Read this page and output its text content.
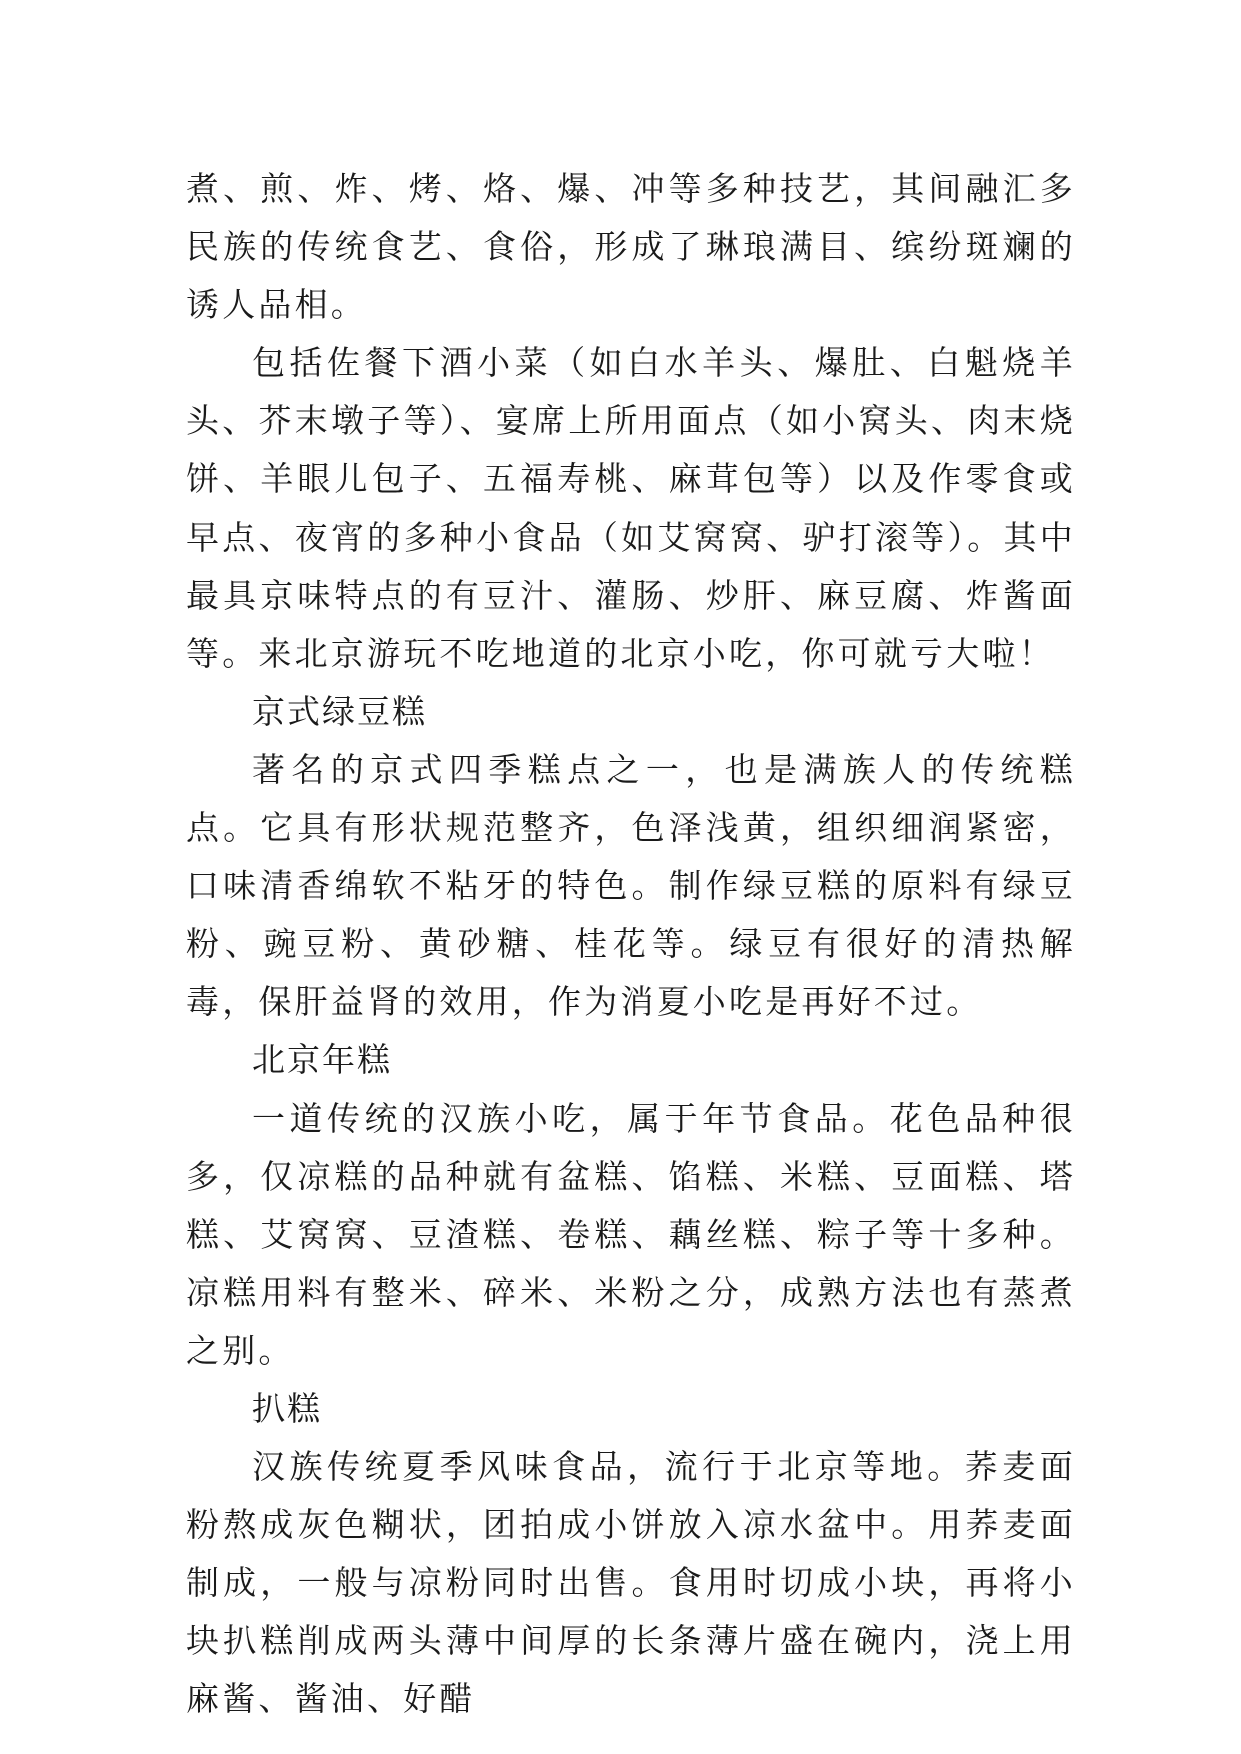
煮、煎、炸、烤、烙、爆、冲等多种技艺，其间融汇多民族的传统食艺、食俗，形成了琳琅满目、缤纷斑斓的诱人品相。

包括佐餐下酒小菜（如白水羊头、爆肚、白魁烧羊头、芥末墩子等）、宴席上所用面点（如小窝头、肉末烧饼、羊眼儿包子、五福寿桃、麻茸包等）以及作零食或早点、夜宵的多种小食品（如艾窝窝、驴打滚等）。其中最具京味特点的有豆汁、灌肠、炒肝、麻豆腐、炸酱面等。来北京游玩不吃地道的北京小吃，你可就亏大啦！

京式绿豆糕

著名的京式四季糕点之一，也是满族人的传统糕点。它具有形状规范整齐，色泽浅黄，组织细润紧密，口味清香绵软不粘牙的特色。制作绿豆糕的原料有绿豆粉、豌豆粉、黄砂糖、桂花等。绿豆有很好的清热解毒，保肝益肾的效用，作为消夏小吃是再好不过。

北京年糕

一道传统的汉族小吃，属于年节食品。花色品种很多，仅凉糕的品种就有盆糕、馅糕、米糕、豆面糕、塔糕、艾窝窝、豆渣糕、卷糕、藕丝糕、粽子等十多种。凉糕用料有整米、碎米、米粉之分，成熟方法也有蒸煮之别。

扒糕

汉族传统夏季风味食品，流行于北京等地。荞麦面粉熬成灰色糊状，团拍成小饼放入凉水盆中。用荞麦面制成，一般与凉粉同时出售。食用时切成小块，再将小块扒糕削成两头薄中间厚的长条薄片盛在碗内，浇上用麻酱、酱油、好醋
